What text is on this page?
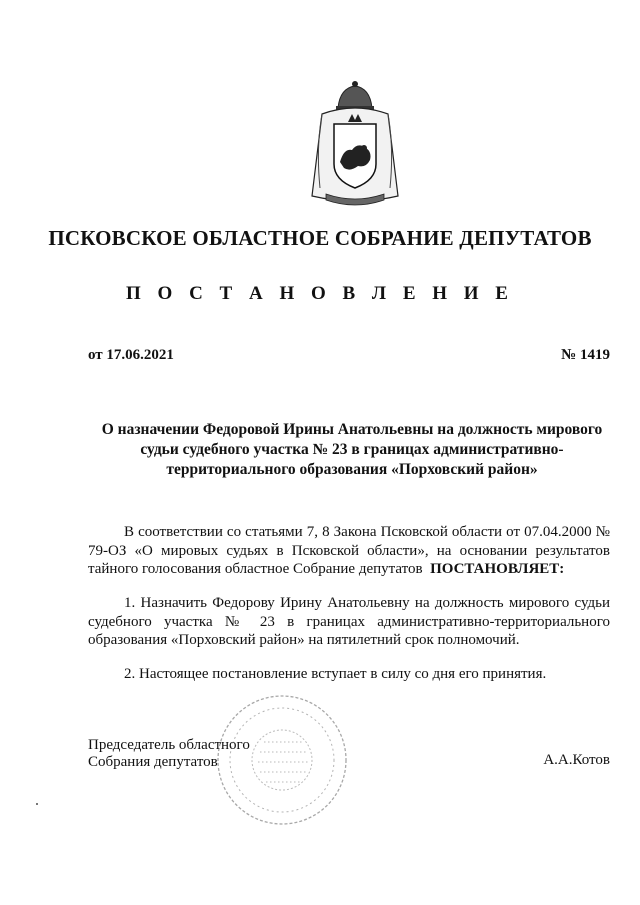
ПСКОВСКОЕ ОБЛАСТНОЕ СОБРАНИЕ ДЕПУТАТОВ
П О С Т А Н О В Л Е Н И Е
от 17.06.2021	№ 1419
О назначении Федоровой Ирины Анатольевны на должность мирового
судьи судебного участка № 23 в границах административно-
территориального образования «Порховский район»
В соответствии со статьями 7, 8 Закона Псковской области от 07.04.2000 № 79-ОЗ «О мировых судьях в Псковской области», на основании результатов тайного голосования областное Собрание депутатов ПОСТАНОВЛЯЕТ:
1. Назначить Федорову Ирину Анатольевну на должность мирового судьи судебного участка № 23 в границах административно-территориального образования «Порховский район» на пятилетний срок полномочий.
2. Настоящее постановление вступает в силу со дня его принятия.
Председатель областного
Собрания депутатов	А.А.Котов
